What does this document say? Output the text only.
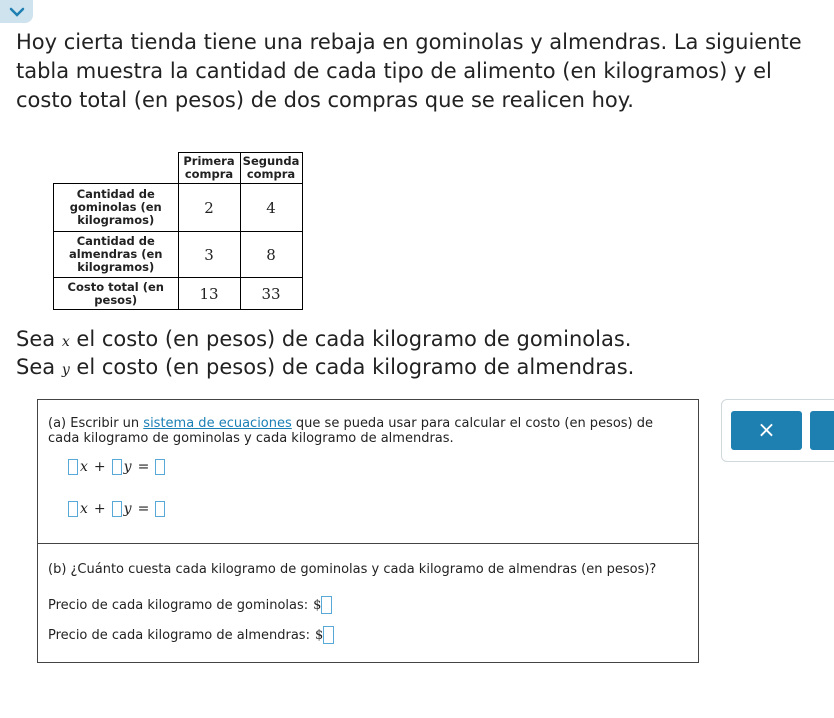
Hoy cierta tienda tiene una rebaja en gominolas y almendras. La siguiente tabla muestra la cantidad de cada tipo de alimento (en kilogramos) y el costo total (en pesos) de dos compras que se realicen hoy.
	Primera compra	Segunda compra
Cantidad de gominolas (en kilogramos)	2	4
Cantidad de almendras (en kilogramos)	3	8
Costo total (en pesos)	13	33
Sea x el costo (en pesos) de cada kilogramo de gominolas.
Sea y el costo (en pesos) de cada kilogramo de almendras.
(a) Escribir un sistema de ecuaciones que se pueda usar para calcular el costo (en pesos) de cada kilogramo de gominolas y cada kilogramo de almendras.
x + y =
x + y =
(b) ¿Cuánto cuesta cada kilogramo de gominolas y cada kilogramo de almendras (en pesos)?
Precio de cada kilogramo de gominolas: $
Precio de cada kilogramo de almendras: $
×
